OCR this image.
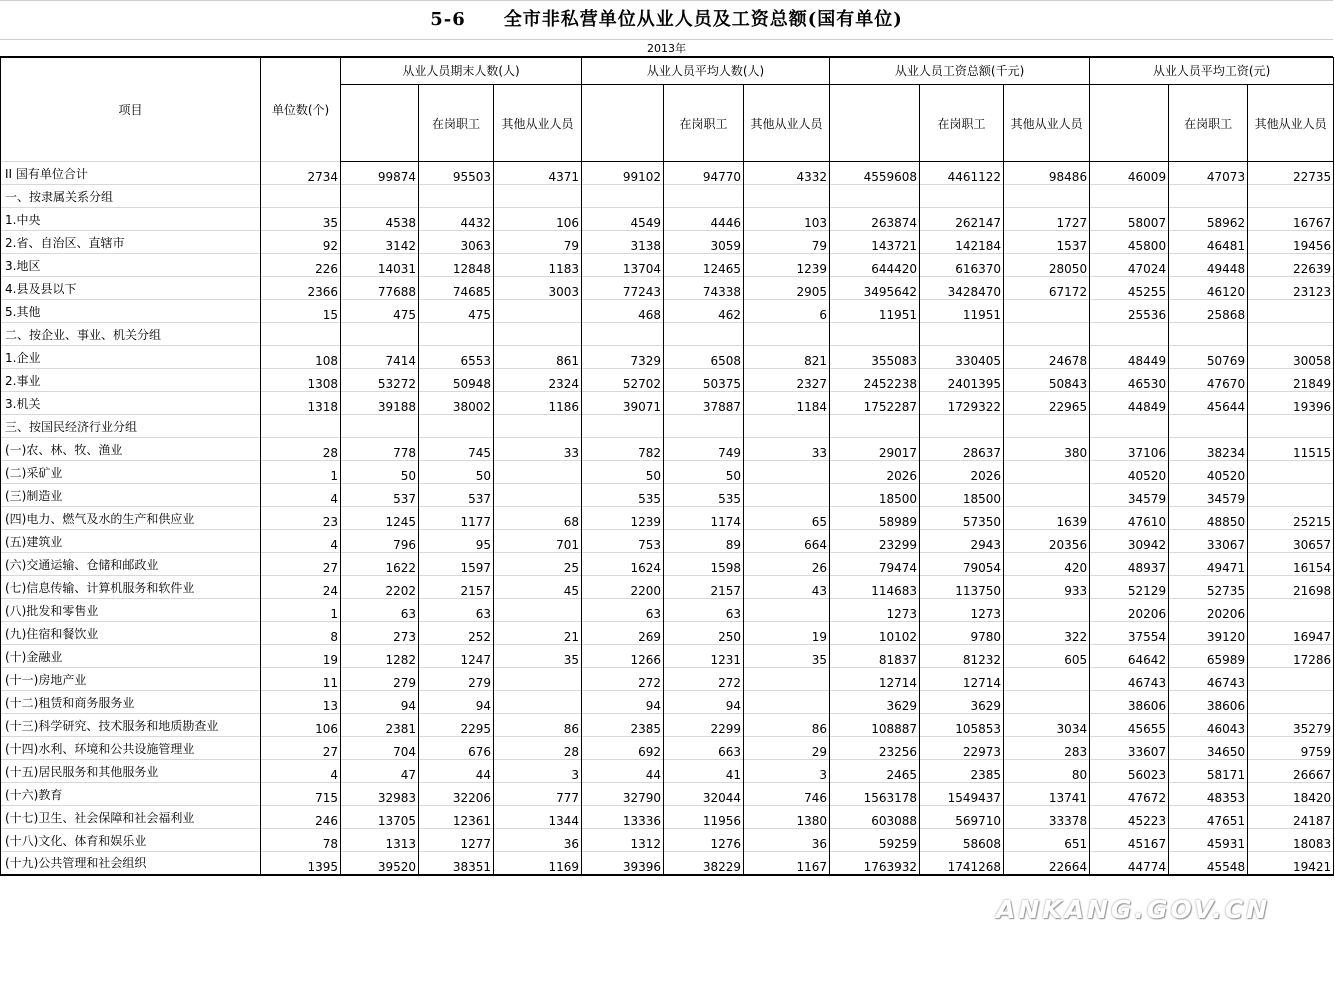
5-6　　全市非私营单位从业人员及工资总额(国有单位)
2013年
项目	单位数(个)	从业人员期末人数(人)			从业人员平均人数(人)			从业人员工资总额(千元)			从业人员平均工资(元)		
			在岗职工	其他从业人员		在岗职工	其他从业人员		在岗职工	其他从业人员		在岗职工	其他从业人员
II 国有单位合计	2734	99874	95503	4371	99102	94770	4332	4559608	4461122	98486	46009	47073	22735
一、按隶属关系分组													
1.中央	35	4538	4432	106	4549	4446	103	263874	262147	1727	58007	58962	16767
2.省、自治区、直辖市	92	3142	3063	79	3138	3059	79	143721	142184	1537	45800	46481	19456
3.地区	226	14031	12848	1183	13704	12465	1239	644420	616370	28050	47024	49448	22639
4.县及县以下	2366	77688	74685	3003	77243	74338	2905	3495642	3428470	67172	45255	46120	23123
5.其他	15	475	475		468	462	6	11951	11951		25536	25868	
二、按企业、事业、机关分组													
1.企业	108	7414	6553	861	7329	6508	821	355083	330405	24678	48449	50769	30058
2.事业	1308	53272	50948	2324	52702	50375	2327	2452238	2401395	50843	46530	47670	21849
3.机关	1318	39188	38002	1186	39071	37887	1184	1752287	1729322	22965	44849	45644	19396
三、按国民经济行业分组													
(一)农、林、牧、渔业	28	778	745	33	782	749	33	29017	28637	380	37106	38234	11515
(二)采矿业	1	50	50		50	50		2026	2026		40520	40520	
(三)制造业	4	537	537		535	535		18500	18500		34579	34579	
(四)电力、燃气及水的生产和供应业	23	1245	1177	68	1239	1174	65	58989	57350	1639	47610	48850	25215
(五)建筑业	4	796	95	701	753	89	664	23299	2943	20356	30942	33067	30657
(六)交通运输、仓储和邮政业	27	1622	1597	25	1624	1598	26	79474	79054	420	48937	49471	16154
(七)信息传输、计算机服务和软件业	24	2202	2157	45	2200	2157	43	114683	113750	933	52129	52735	21698
(八)批发和零售业	1	63	63		63	63		1273	1273		20206	20206	
(九)住宿和餐饮业	8	273	252	21	269	250	19	10102	9780	322	37554	39120	16947
(十)金融业	19	1282	1247	35	1266	1231	35	81837	81232	605	64642	65989	17286
(十一)房地产业	11	279	279		272	272		12714	12714		46743	46743	
(十二)租赁和商务服务业	13	94	94		94	94		3629	3629		38606	38606	
(十三)科学研究、技术服务和地质勘查业	106	2381	2295	86	2385	2299	86	108887	105853	3034	45655	46043	35279
(十四)水利、环境和公共设施管理业	27	704	676	28	692	663	29	23256	22973	283	33607	34650	9759
(十五)居民服务和其他服务业	4	47	44	3	44	41	3	2465	2385	80	56023	58171	26667
(十六)教育	715	32983	32206	777	32790	32044	746	1563178	1549437	13741	47672	48353	18420
(十七)卫生、社会保障和社会福利业	246	13705	12361	1344	13336	11956	1380	603088	569710	33378	45223	47651	24187
(十八)文化、体育和娱乐业	78	1313	1277	36	1312	1276	36	59259	58608	651	45167	45931	18083
(十九)公共管理和社会组织	1395	39520	38351	1169	39396	38229	1167	1763932	1741268	22664	44774	45548	19421
ANKANG.GOV.CN
